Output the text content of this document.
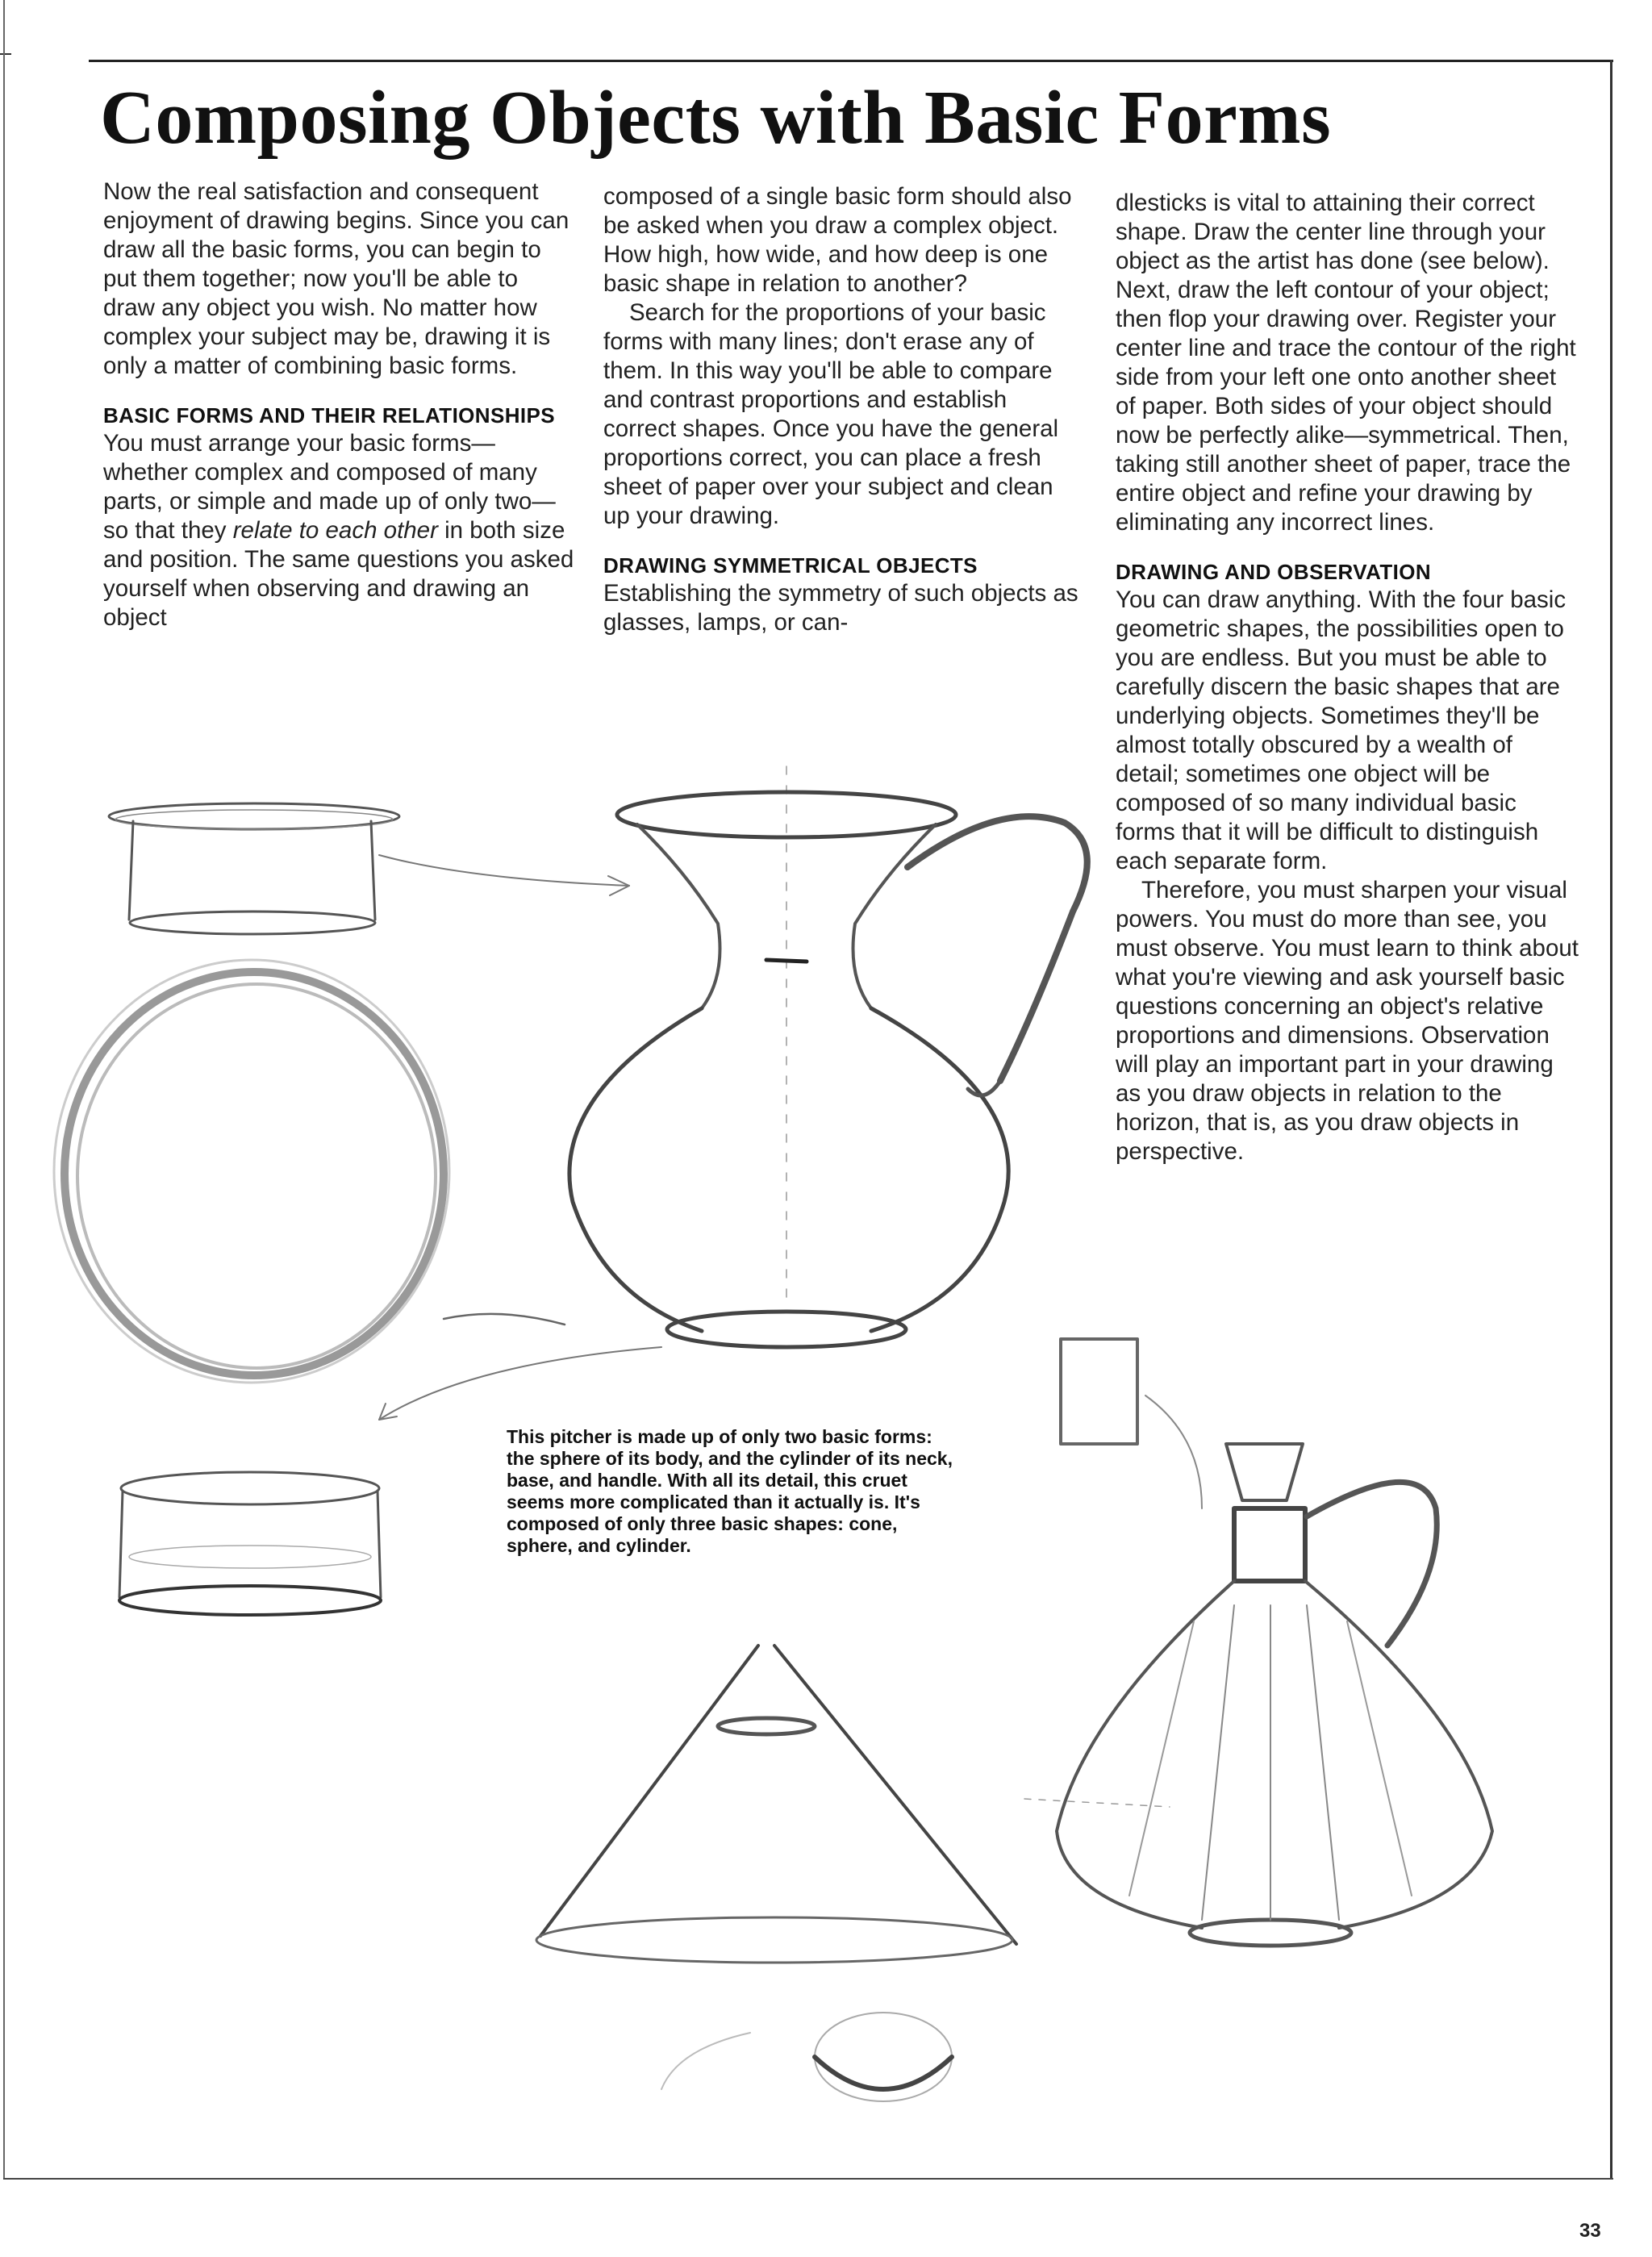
Composing Objects with Basic Forms

Now the real satisfaction and consequent enjoyment of drawing begins. Since you can draw all the basic forms, you can begin to put them together; now you'll be able to draw any object you wish. No matter how complex your subject may be, drawing it is only a matter of combining basic forms.

BASIC FORMS AND THEIR RELATIONSHIPS

You must arrange your basic forms—whether complex and composed of many parts, or simple and made up of only two—so that they relate to each other in both size and position. The same questions you asked yourself when observing and drawing an object

composed of a single basic form should also be asked when you draw a complex object. How high, how wide, and how deep is one basic shape in relation to another?

Search for the proportions of your basic forms with many lines; don't erase any of them. In this way you'll be able to compare and contrast proportions and establish correct shapes. Once you have the general proportions correct, you can place a fresh sheet of paper over your subject and clean up your drawing.

DRAWING SYMMETRICAL OBJECTS

Establishing the symmetry of such objects as glasses, lamps, or can-

dlesticks is vital to attaining their correct shape. Draw the center line through your object as the artist has done (see below). Next, draw the left contour of your object; then flop your drawing over. Register your center line and trace the contour of the right side from your left one onto another sheet of paper. Both sides of your object should now be perfectly alike—symmetrical. Then, taking still another sheet of paper, trace the entire object and refine your drawing by eliminating any incorrect lines.

DRAWING AND OBSERVATION

You can draw anything. With the four basic geometric shapes, the possibilities open to you are endless. But you must be able to carefully discern the basic shapes that are underlying objects. Sometimes they'll be almost totally obscured by a wealth of detail; sometimes one object will be composed of so many individual basic forms that it will be difficult to distinguish each separate form.

Therefore, you must sharpen your visual powers. You must do more than see, you must observe. You must learn to think about what you're viewing and ask yourself basic questions concerning an object's relative proportions and dimensions. Observation will play an important part in your drawing as you draw objects in relation to the horizon, that is, as you draw objects in perspective.

This pitcher is made up of only two basic forms: the sphere of its body, and the cylinder of its neck, base, and handle. With all its detail, this cruet seems more complicated than it actually is. It's composed of only three basic shapes: cone, sphere, and cylinder.
33
